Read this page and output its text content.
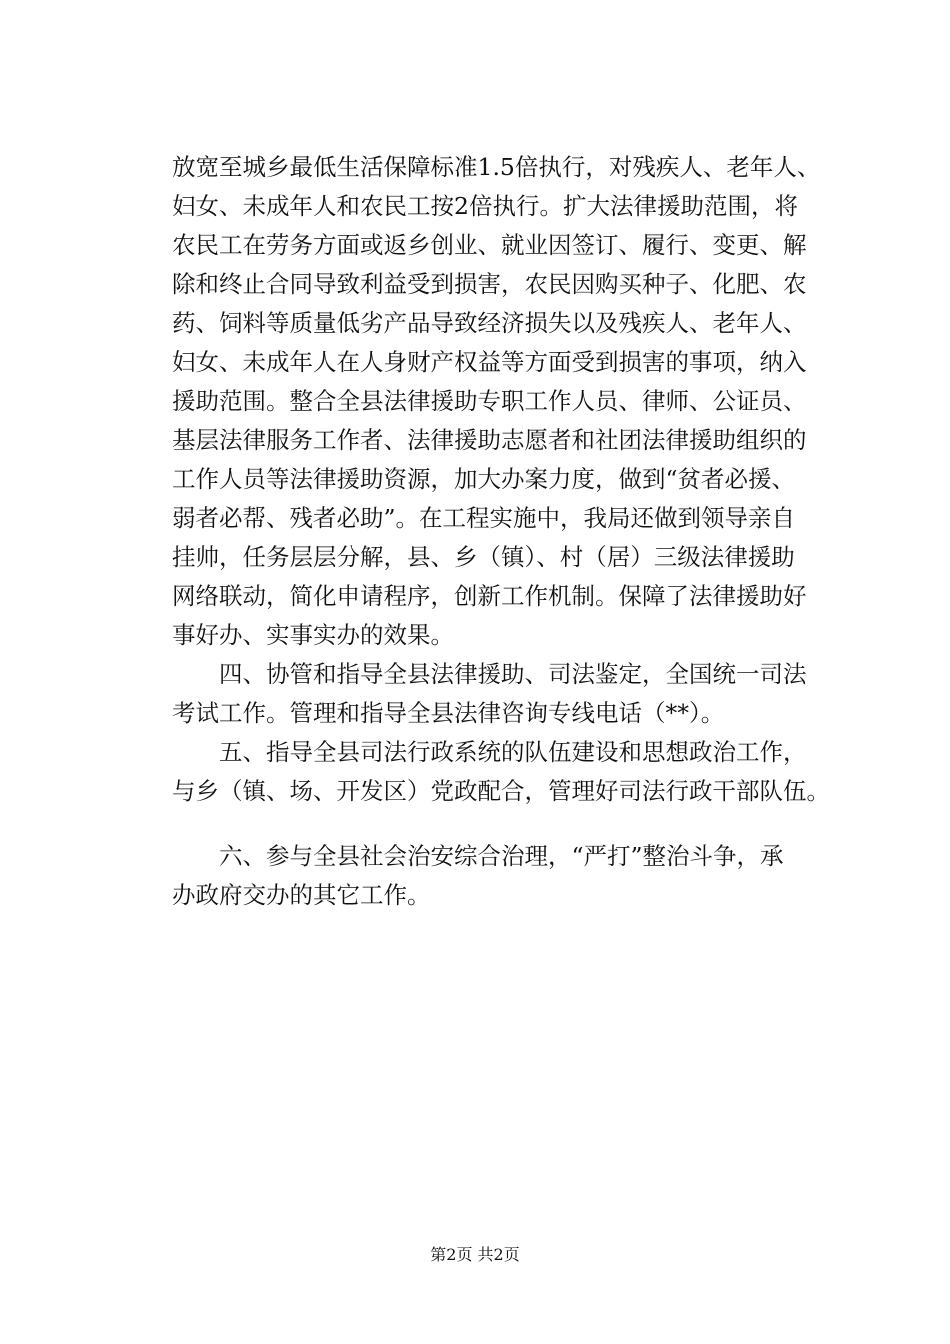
放宽至城乡最低生活保障标准1.5倍执行，对残疾人、老年人、
妇女、未成年人和农民工按2倍执行。扩大法律援助范围，将
农民工在劳务方面或返乡创业、就业因签订、履行、变更、解
除和终止合同导致利益受到损害，农民因购买种子、化肥、农
药、饲料等质量低劣产品导致经济损失以及残疾人、老年人、
妇女、未成年人在人身财产权益等方面受到损害的事项，纳入
援助范围。整合全县法律援助专职工作人员、律师、公证员、
基层法律服务工作者、法律援助志愿者和社团法律援助组织的
工作人员等法律援助资源，加大办案力度，做到“贫者必援、
弱者必帮、残者必助”。在工程实施中，我局还做到领导亲自
挂帅，任务层层分解，县、乡（镇）、村（居）三级法律援助
网络联动，简化申请程序，创新工作机制。保障了法律援助好
事好办、实事实办的效果。
四、协管和指导全县法律援助、司法鉴定，全国统一司法
考试工作。管理和指导全县法律咨询专线电话（**）。
五、指导全县司法行政系统的队伍建设和思想政治工作，
与乡（镇、场、开发区）党政配合，管理好司法行政干部队伍。
六、参与全县社会治安综合治理，“严打”整治斗争，承
办政府交办的其它工作。
第2页 共2页
